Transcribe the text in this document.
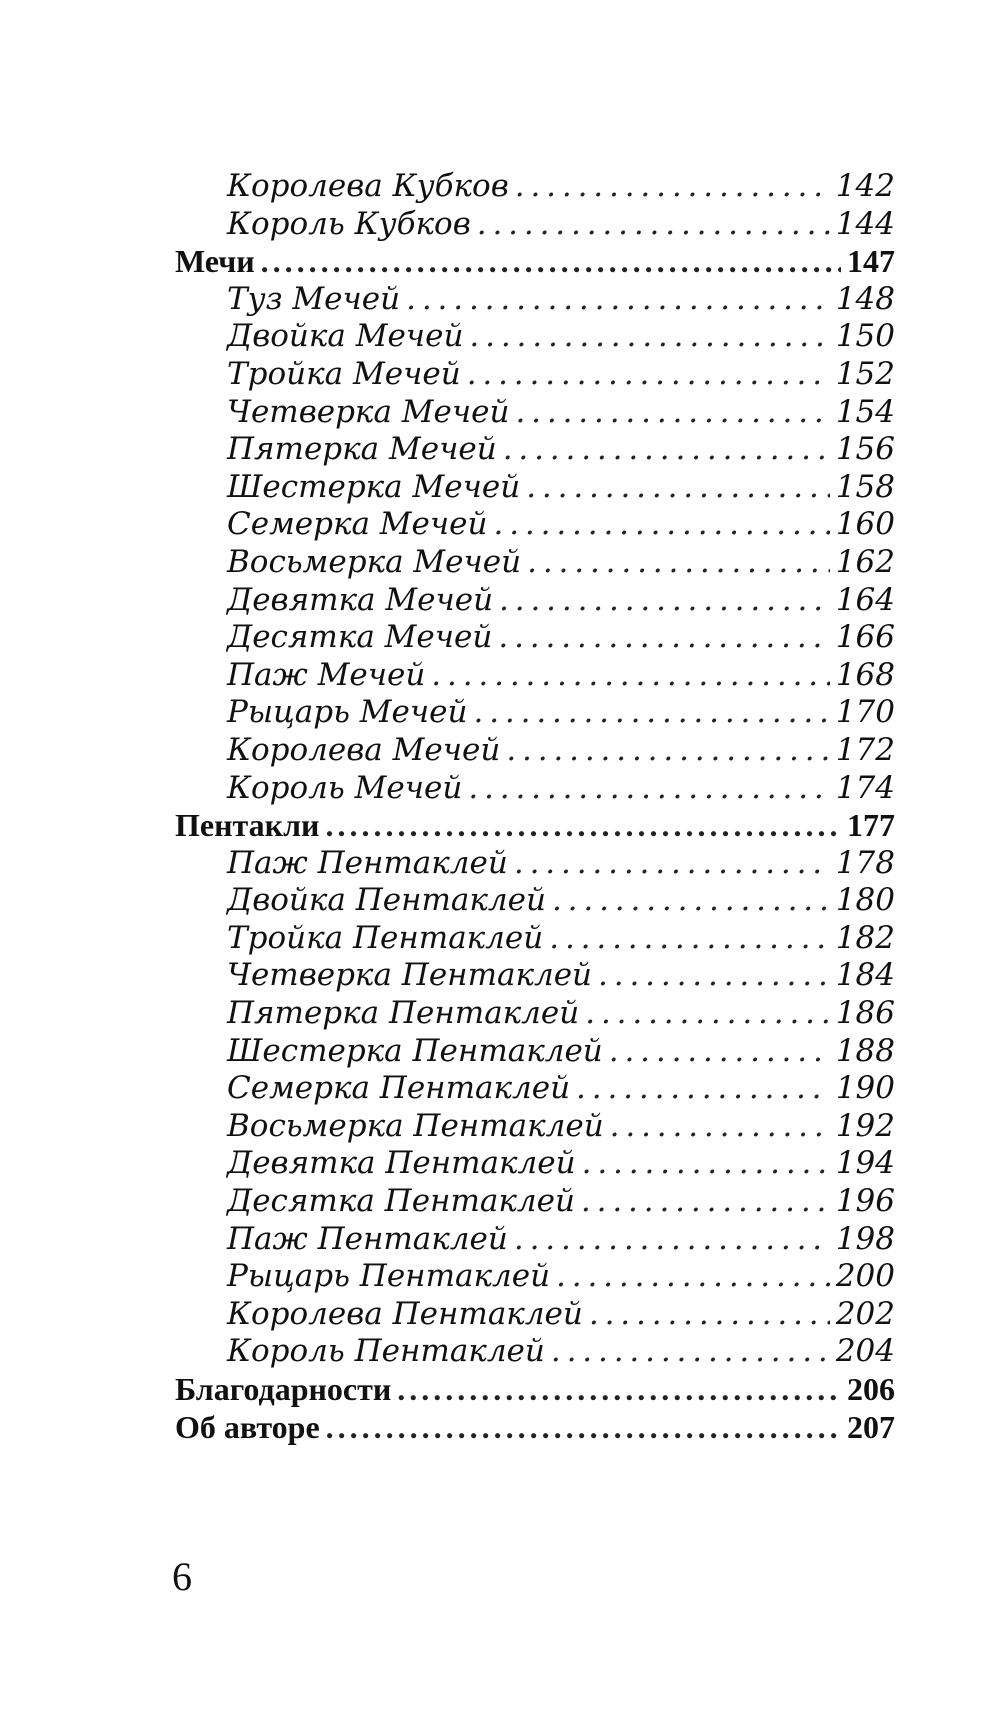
Королева Кубков . . .	142
Король Кубков . . .	144
Мечи . . .	147
Туз Мечей . . .	148
Двойка Мечей . . .	150
Тройка Мечей . . .	152
Четверка Мечей . . .	154
Пятерка Мечей . . .	156
Шестерка Мечей . . .	158
Семерка Мечей . . .	160
Восьмерка Мечей . . .	162
Девятка Мечей . . .	164
Десятка Мечей . . .	166
Паж Мечей . . .	168
Рыцарь Мечей . . .	170
Королева Мечей . . .	172
Король Мечей . . .	174
Пентакли . . .	177
Паж Пентаклей . . .	178
Двойка Пентаклей . . .	180
Тройка Пентаклей . . .	182
Четверка Пентаклей . . .	184
Пятерка Пентаклей . . .	186
Шестерка Пентаклей . . .	188
Семерка Пентаклей . . .	190
Восьмерка Пентаклей . . .	192
Девятка Пентаклей . . .	194
Десятка Пентаклей . . .	196
Паж Пентаклей . . .	198
Рыцарь Пентаклей . . .	200
Королева Пентаклей . . .	202
Король Пентаклей . . .	204
Благодарности . . .	206
Об авторе . . .	207
6
